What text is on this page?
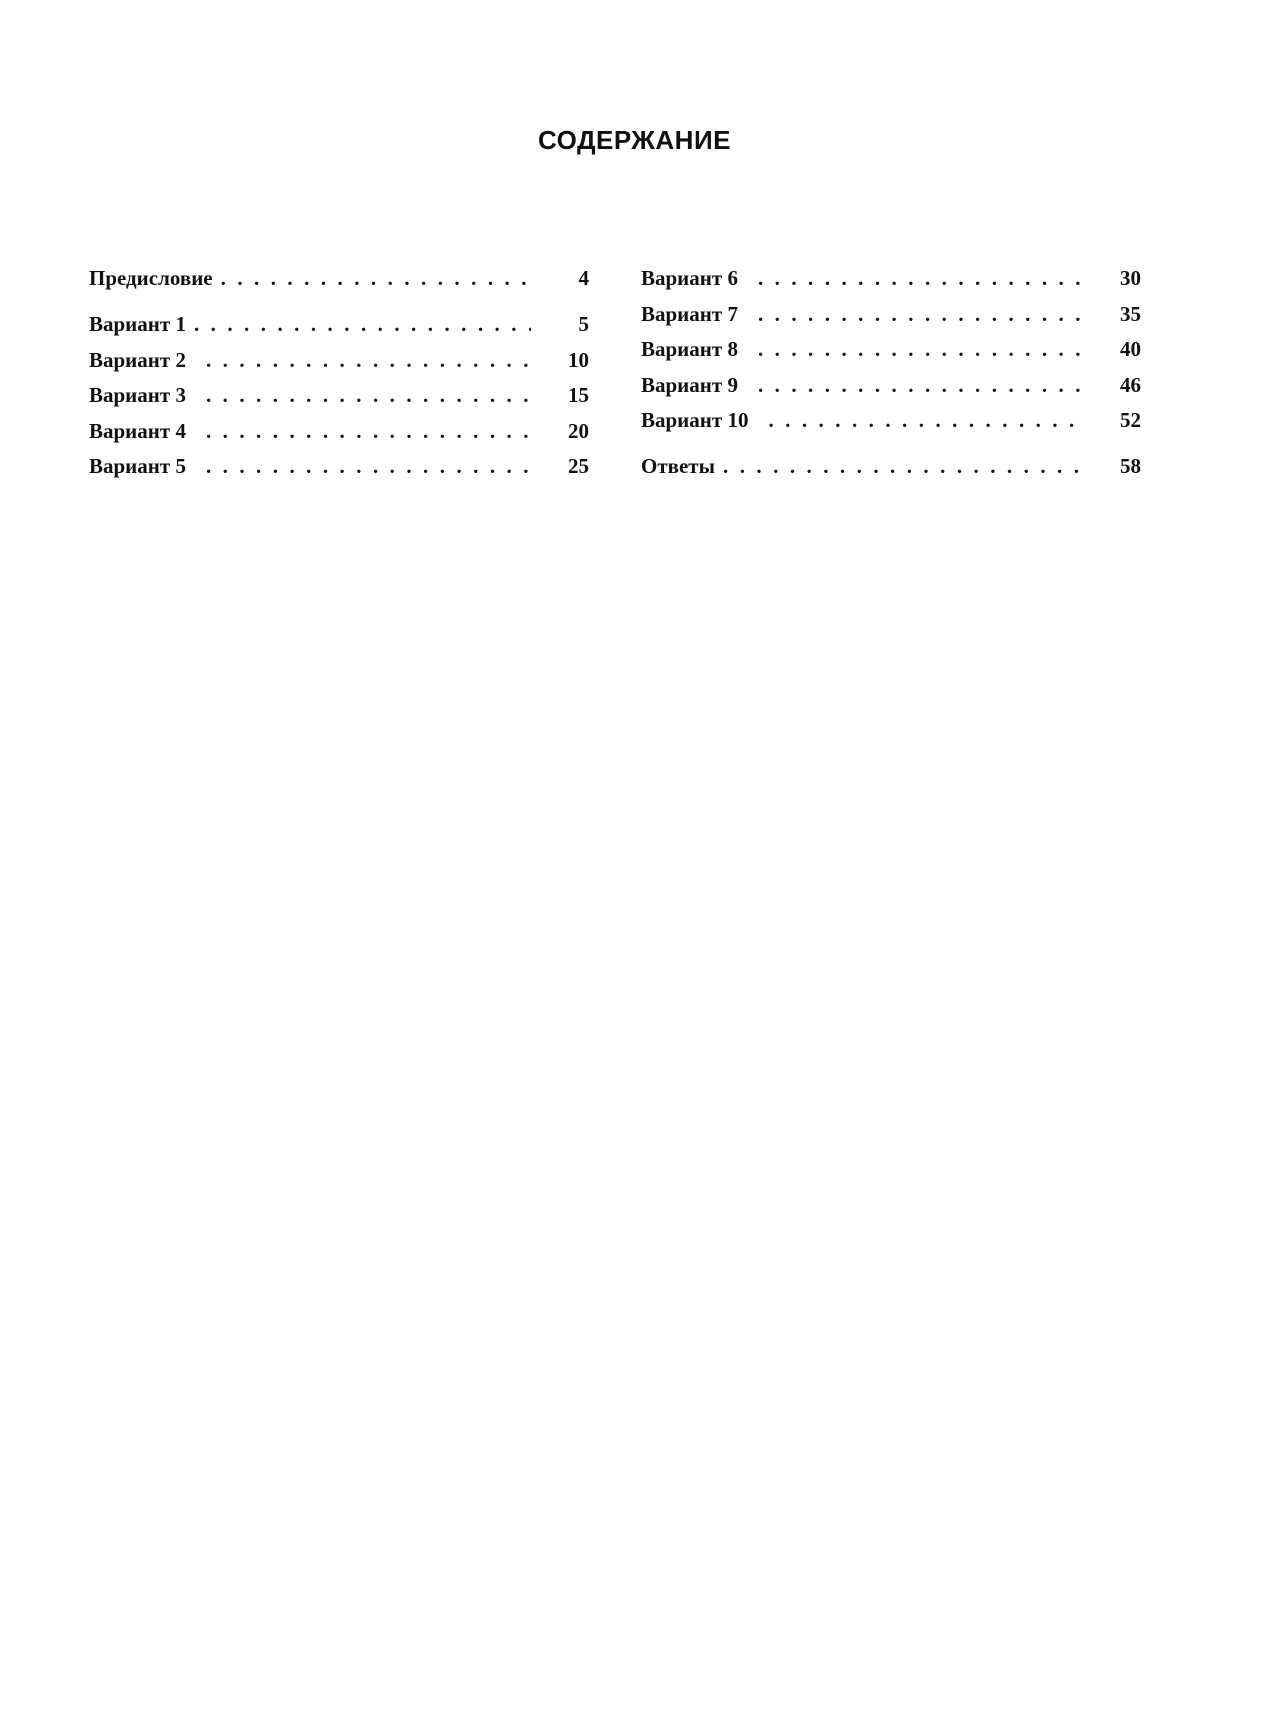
СОДЕРЖАНИЕ
Предисловие . . .	4
Вариант 1 . . .	5
Вариант 2 . . .	10
Вариант 3 . . .	15
Вариант 4 . . .	20
Вариант 5 . . .	25
Вариант 6 . . .	30
Вариант 7 . . .	35
Вариант 8 . . .	40
Вариант 9 . . .	46
Вариант 10 . . .	52
Ответы . . .	58
